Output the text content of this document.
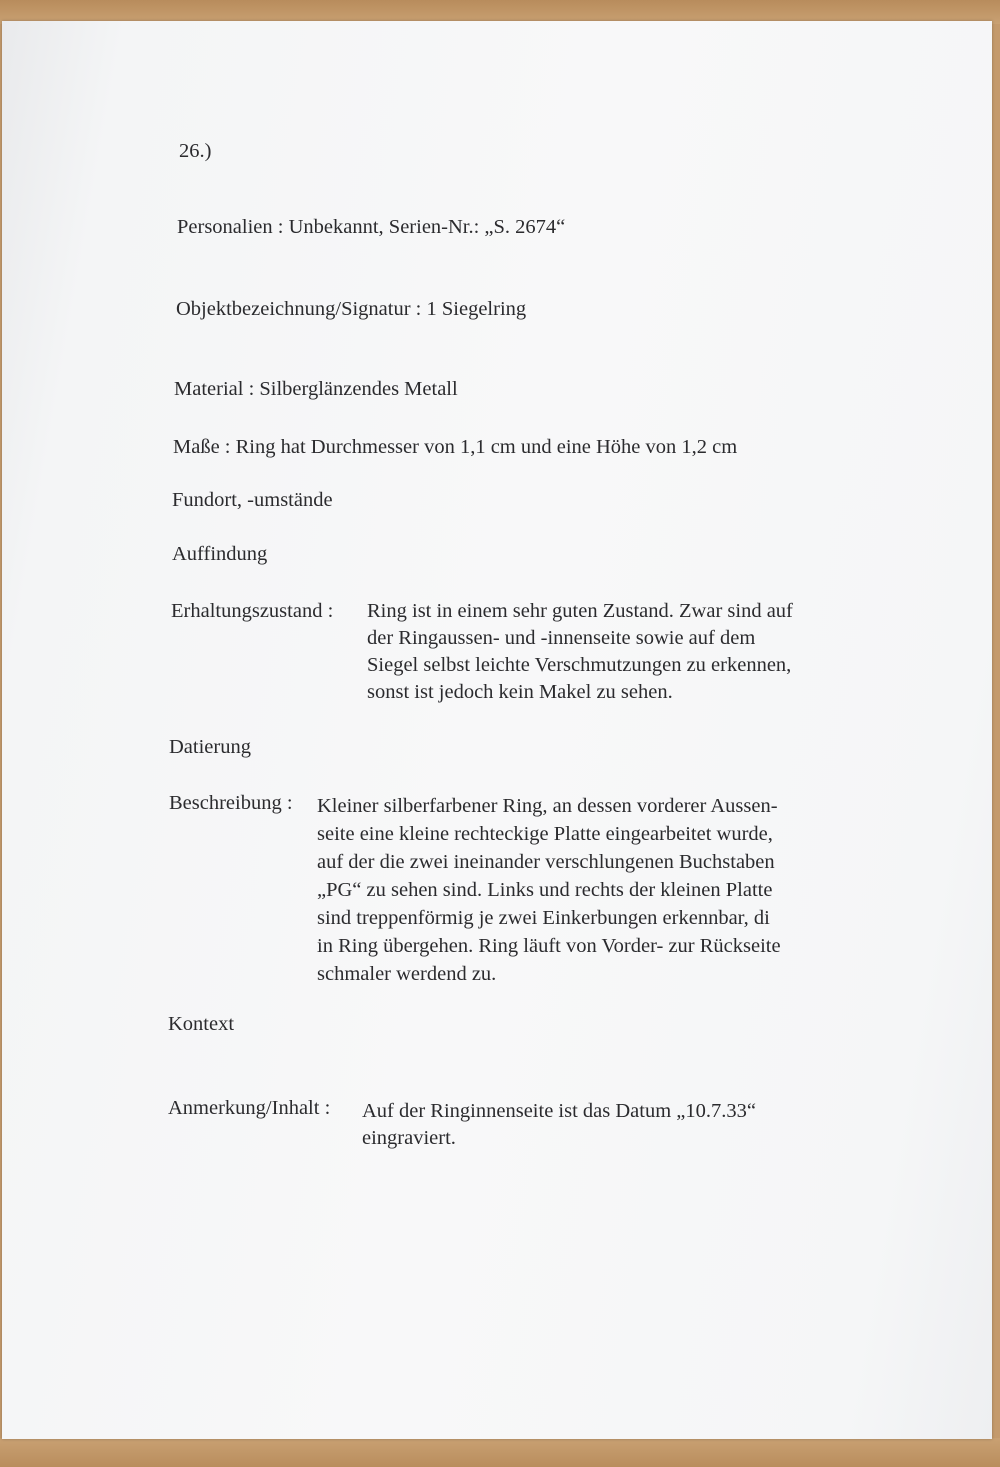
26.)
Personalien : Unbekannt, Serien-Nr.: „S. 2674“
Objektbezeichnung/Signatur : 1 Siegelring
Material : Silberglänzendes Metall
Maße : Ring hat Durchmesser von 1,1 cm und eine Höhe von 1,2 cm
Fundort, -umstände
Auffindung
Erhaltungszustand : Ring ist in einem sehr guten Zustand. Zwar sind auf
der Ringaussen- und -innenseite sowie auf dem
Siegel selbst leichte Verschmutzungen zu erkennen,
sonst ist jedoch kein Makel zu sehen.
Datierung
Beschreibung : Kleiner silberfarbener Ring, an dessen vorderer Aussen-
seite eine kleine rechteckige Platte eingearbeitet wurde,
auf der die zwei ineinander verschlungenen Buchstaben
„PG“ zu sehen sind. Links und rechts der kleinen Platte
sind treppenförmig je zwei Einkerbungen erkennbar, di
in Ring übergehen. Ring läuft von Vorder- zur Rückseite
schmaler werdend zu.
Kontext
Anmerkung/Inhalt : Auf der Ringinnenseite ist das Datum „10.7.33“
eingraviert.
